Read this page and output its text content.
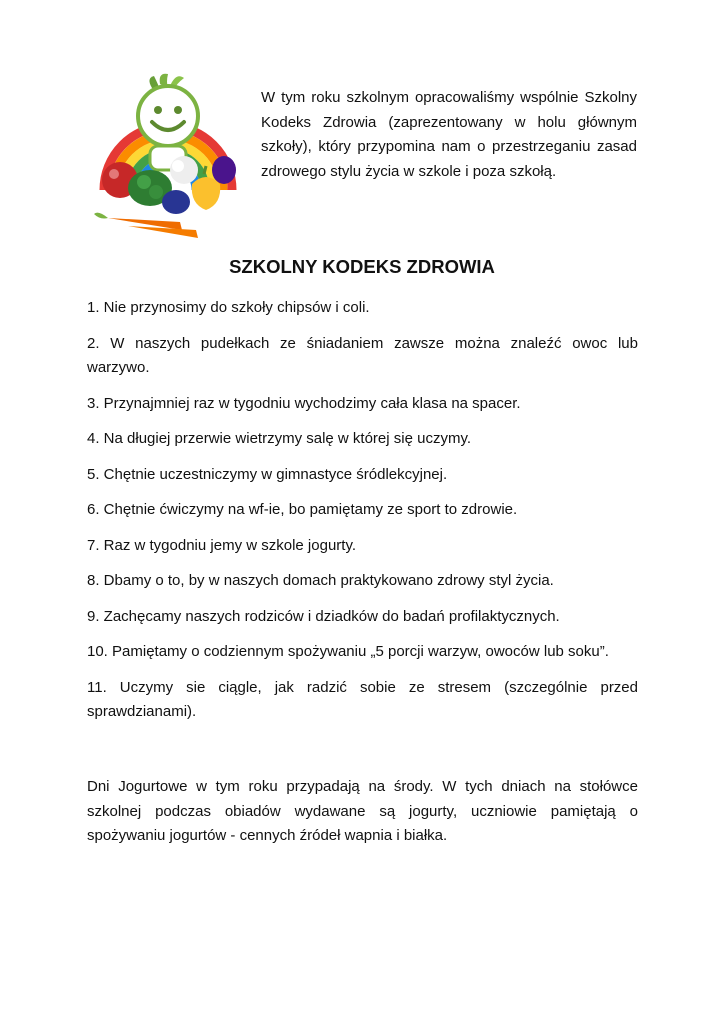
W tym roku szkolnym opracowaliśmy wspólnie Szkolny Kodeks Zdrowia (zaprezentowany w holu głównym szkoły), który przypomina nam o przestrzeganiu zasad zdrowego stylu życia w szkole i poza szkołą.

SZKOLNY KODEKS ZDROWIA
1. Nie przynosimy do szkoły chipsów i coli.
2. W naszych pudełkach ze śniadaniem zawsze można znaleźć owoc lub warzywo.
3. Przynajmniej raz w tygodniu wychodzimy cała klasa na spacer.
4. Na długiej przerwie wietrzymy salę w której się uczymy.
5. Chętnie uczestniczymy w gimnastyce śródlekcyjnej.
6. Chętnie ćwiczymy na wf-ie, bo pamiętamy ze sport to zdrowie.
7. Raz w tygodniu jemy w szkole jogurty.
8. Dbamy o to, by w naszych domach praktykowano zdrowy styl życia.
9. Zachęcamy naszych rodziców i dziadków do badań profilaktycznych.
10. Pamiętamy o codziennym spożywaniu „5 porcji warzyw, owoców lub soku”.
11. Uczymy sie ciągle, jak radzić sobie ze stresem (szczególnie przed sprawdzianami).

Dni Jogurtowe w tym roku przypadają na środy. W tych dniach na stołówce szkolnej podczas obiadów wydawane są jogurty, uczniowie pamiętają o spożywaniu jogurtów - cennych źródeł wapnia i białka.
